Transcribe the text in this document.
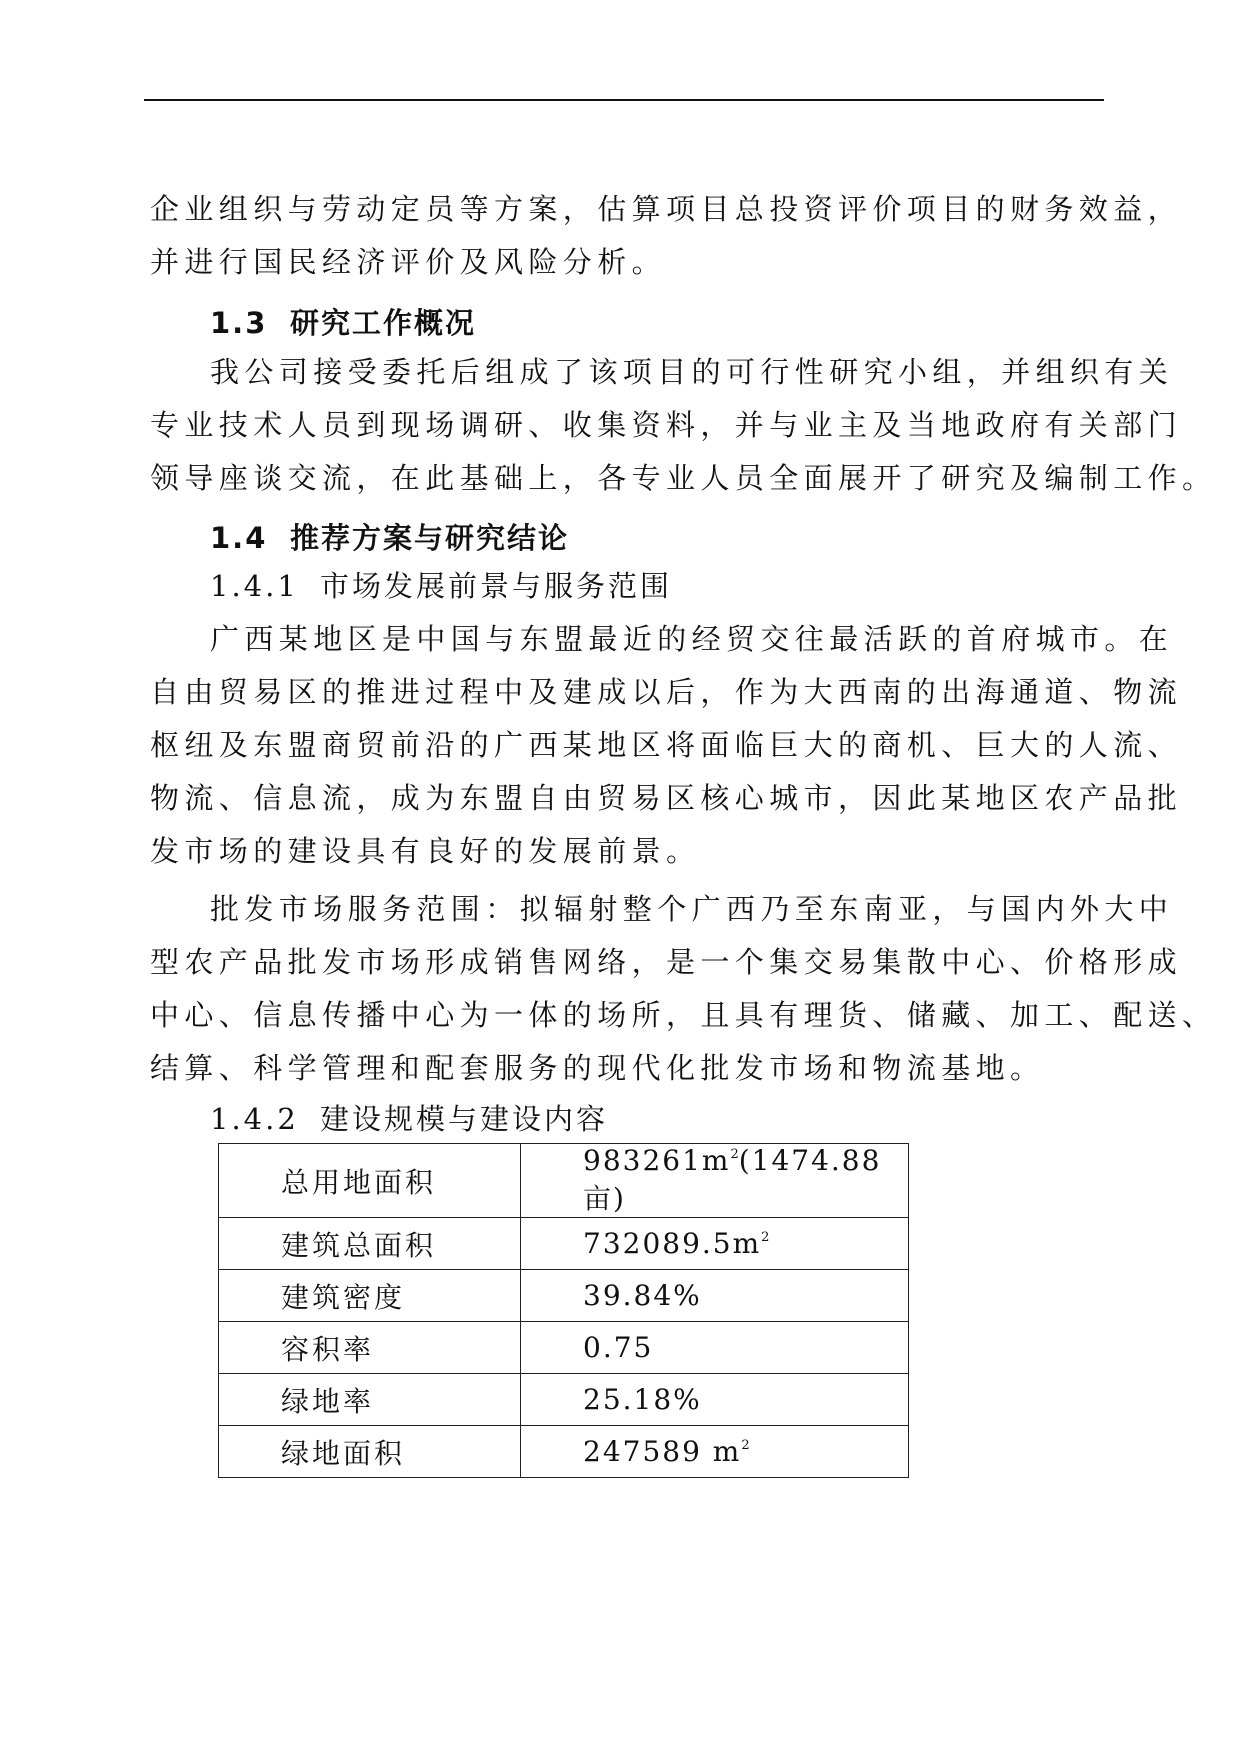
企业组织与劳动定员等方案，估算项目总投资评价项目的财务效益，
并进行国民经济评价及风险分析。
1.3 研究工作概况
我公司接受委托后组成了该项目的可行性研究小组，并组织有关
专业技术人员到现场调研、收集资料，并与业主及当地政府有关部门
领导座谈交流，在此基础上，各专业人员全面展开了研究及编制工作。
1.4 推荐方案与研究结论
1.4.1 市场发展前景与服务范围
广西某地区是中国与东盟最近的经贸交往最活跃的首府城市。在
自由贸易区的推进过程中及建成以后，作为大西南的出海通道、物流
枢纽及东盟商贸前沿的广西某地区将面临巨大的商机、巨大的人流、
物流、信息流，成为东盟自由贸易区核心城市，因此某地区农产品批
发市场的建设具有良好的发展前景。
批发市场服务范围：拟辐射整个广西乃至东南亚，与国内外大中
型农产品批发市场形成销售网络，是一个集交易集散中心、价格形成
中心、信息传播中心为一体的场所，且具有理货、储藏、加工、配送、
结算、科学管理和配套服务的现代化批发市场和物流基地。
1.4.2 建设规模与建设内容
总用地面积	$983261m^2(1474.88$ 亩)
建筑总面积	$732089.5m^2$
建筑密度	39.84%
容积率	0.75
绿地率	25.18%
绿地面积	247589 $m^2$
